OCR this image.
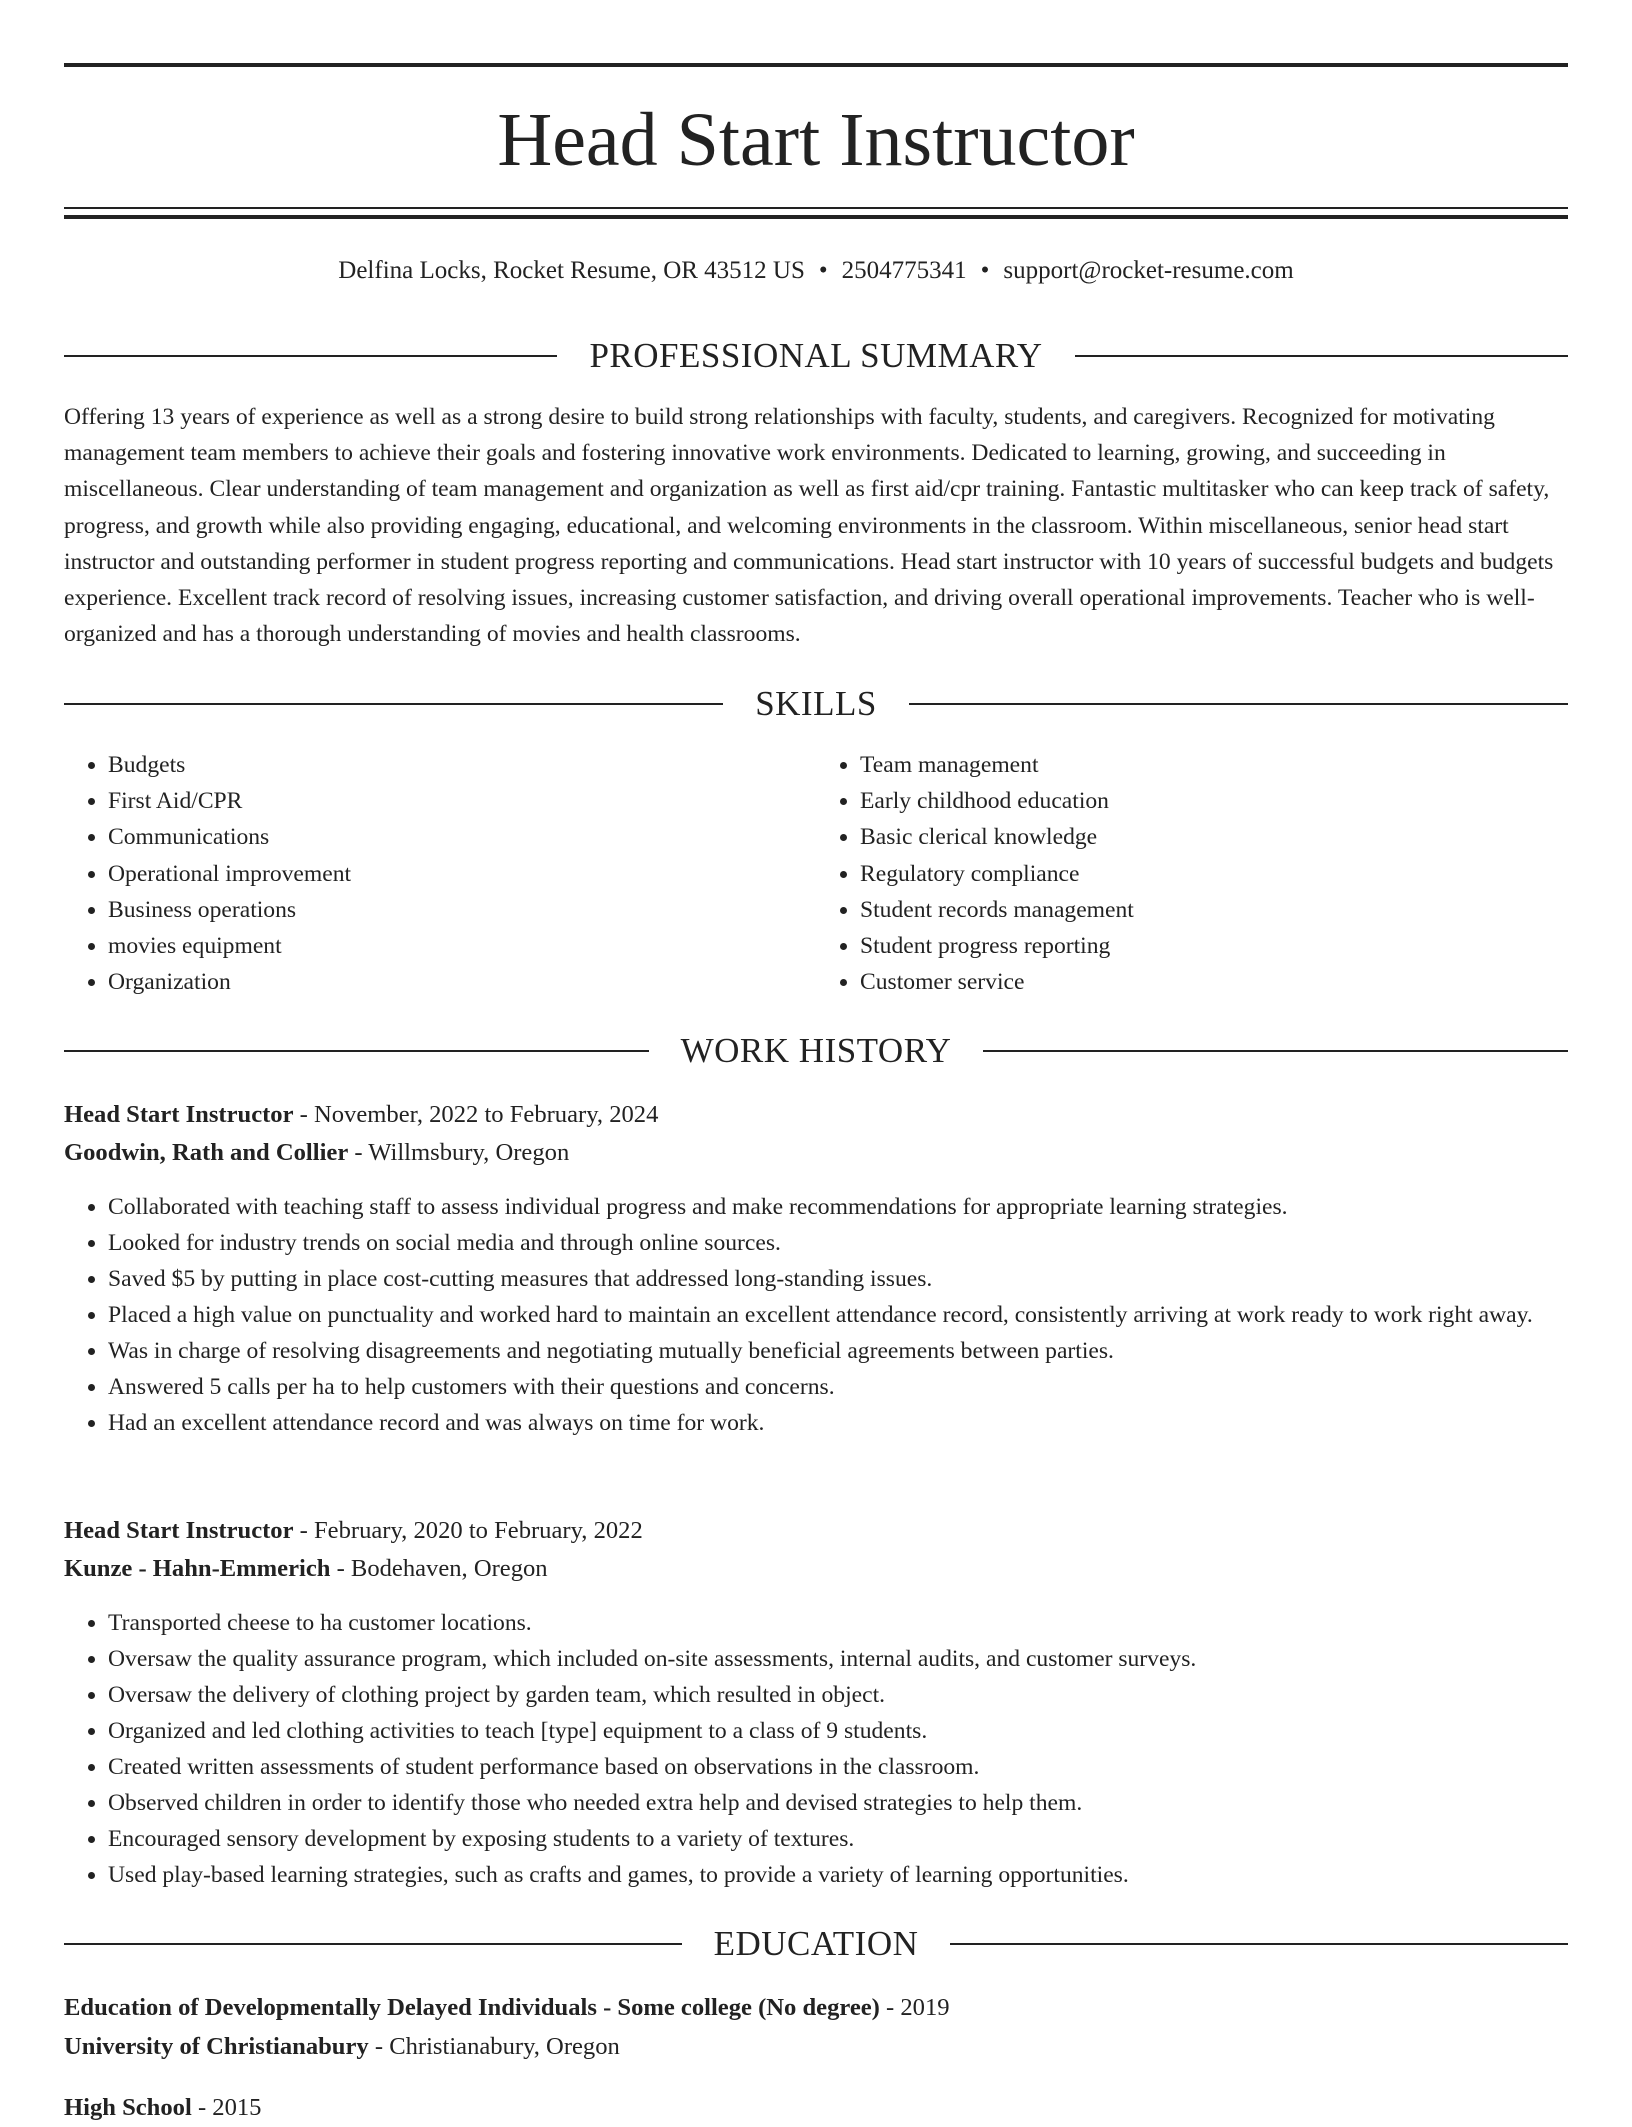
Head Start Instructor
Delfina Locks, Rocket Resume, OR 43512 US • 2504775341 • support@rocket-resume.com
PROFESSIONAL SUMMARY

Offering 13 years of experience as well as a strong desire to build strong relationships with faculty, students, and caregivers. Recognized for motivating management team members to achieve their goals and fostering innovative work environments. Dedicated to learning, growing, and succeeding in miscellaneous. Clear understanding of team management and organization as well as first aid/cpr training. Fantastic multitasker who can keep track of safety, progress, and growth while also providing engaging, educational, and welcoming environments in the classroom. Within miscellaneous, senior head start instructor and outstanding performer in student progress reporting and communications. Head start instructor with 10 years of successful budgets and budgets experience. Excellent track record of resolving issues, increasing customer satisfaction, and driving overall operational improvements. Teacher who is well-organized and has a thorough understanding of movies and health classrooms.

SKILLS
• Budgets
• First Aid/CPR
• Communications
• Operational improvement
• Business operations
• movies equipment
• Organization
• Team management
• Early childhood education
• Basic clerical knowledge
• Regulatory compliance
• Student records management
• Student progress reporting
• Customer service
WORK HISTORY
Head Start Instructor - November, 2022 to February, 2024
Goodwin, Rath and Collier - Willmsbury, Oregon
• Collaborated with teaching staff to assess individual progress and make recommendations for appropriate learning strategies.
• Looked for industry trends on social media and through online sources.
• Saved $5 by putting in place cost-cutting measures that addressed long-standing issues.
• Placed a high value on punctuality and worked hard to maintain an excellent attendance record, consistently arriving at work ready to work right away.
• Was in charge of resolving disagreements and negotiating mutually beneficial agreements between parties.
• Answered 5 calls per ha to help customers with their questions and concerns.
• Had an excellent attendance record and was always on time for work.
Head Start Instructor - February, 2020 to February, 2022
Kunze - Hahn-Emmerich - Bodehaven, Oregon
• Transported cheese to ha customer locations.
• Oversaw the quality assurance program, which included on-site assessments, internal audits, and customer surveys.
• Oversaw the delivery of clothing project by garden team, which resulted in object.
• Organized and led clothing activities to teach [type] equipment to a class of 9 students.
• Created written assessments of student performance based on observations in the classroom.
• Observed children in order to identify those who needed extra help and devised strategies to help them.
• Encouraged sensory development by exposing students to a variety of textures.
• Used play-based learning strategies, such as crafts and games, to provide a variety of learning opportunities.
EDUCATION
Education of Developmentally Delayed Individuals - Some college (No degree) - 2019
University of Christianabury - Christianabury, Oregon
High School - 2015
